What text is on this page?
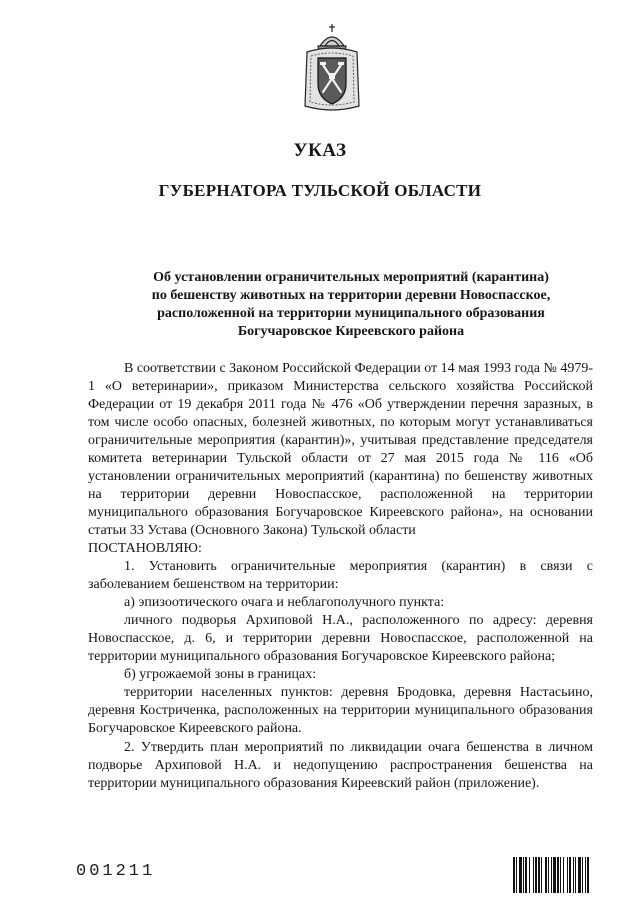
УКАЗ
ГУБЕРНАТОРА ТУЛЬСКОЙ ОБЛАСТИ
Об установлении ограничительных мероприятий (карантина)
по бешенству животных на территории деревни Новоспасское,
расположенной на территории муниципального образования
Богучаровское Киреевского района

В соответствии с Законом Российской Федерации от 14 мая 1993 года № 4979-1 «О ветеринарии», приказом Министерства сельского хозяйства Российской Федерации от 19 декабря 2011 года № 476 «Об утверждении перечня заразных, в том числе особо опасных, болезней животных, по которым могут устанавливаться ограничительные мероприятия (карантин)», учитывая представление председателя комитета ветеринарии Тульской области от 27 мая 2015 года № 116 «Об установлении ограничительных мероприятий (карантина) по бешенству животных на территории деревни Новоспасское, расположенной на территории муниципального образования Богучаровское Киреевского района», на основании статьи 33 Устава (Основного Закона) Тульской области

ПОСТАНОВЛЯЮ:

1. Установить ограничительные мероприятия (карантин) в связи с заболеванием бешенством на территории:

а) эпизоотического очага и неблагополучного пункта:

личного подворья Архиповой Н.А., расположенного по адресу: деревня Новоспасское, д. 6, и территории деревни Новоспасское, расположенной на территории муниципального образования Богучаровское Киреевского района;

б) угрожаемой зоны в границах:

территории населенных пунктов: деревня Бродовка, деревня Настасьино, деревня Костриченка, расположенных на территории муниципального образования Богучаровское Киреевского района.

2. Утвердить план мероприятий по ликвидации очага бешенства в личном подворье Архиповой Н.А. и недопущению распространения бешенства на территории муниципального образования Киреевский район (приложение).

001211
